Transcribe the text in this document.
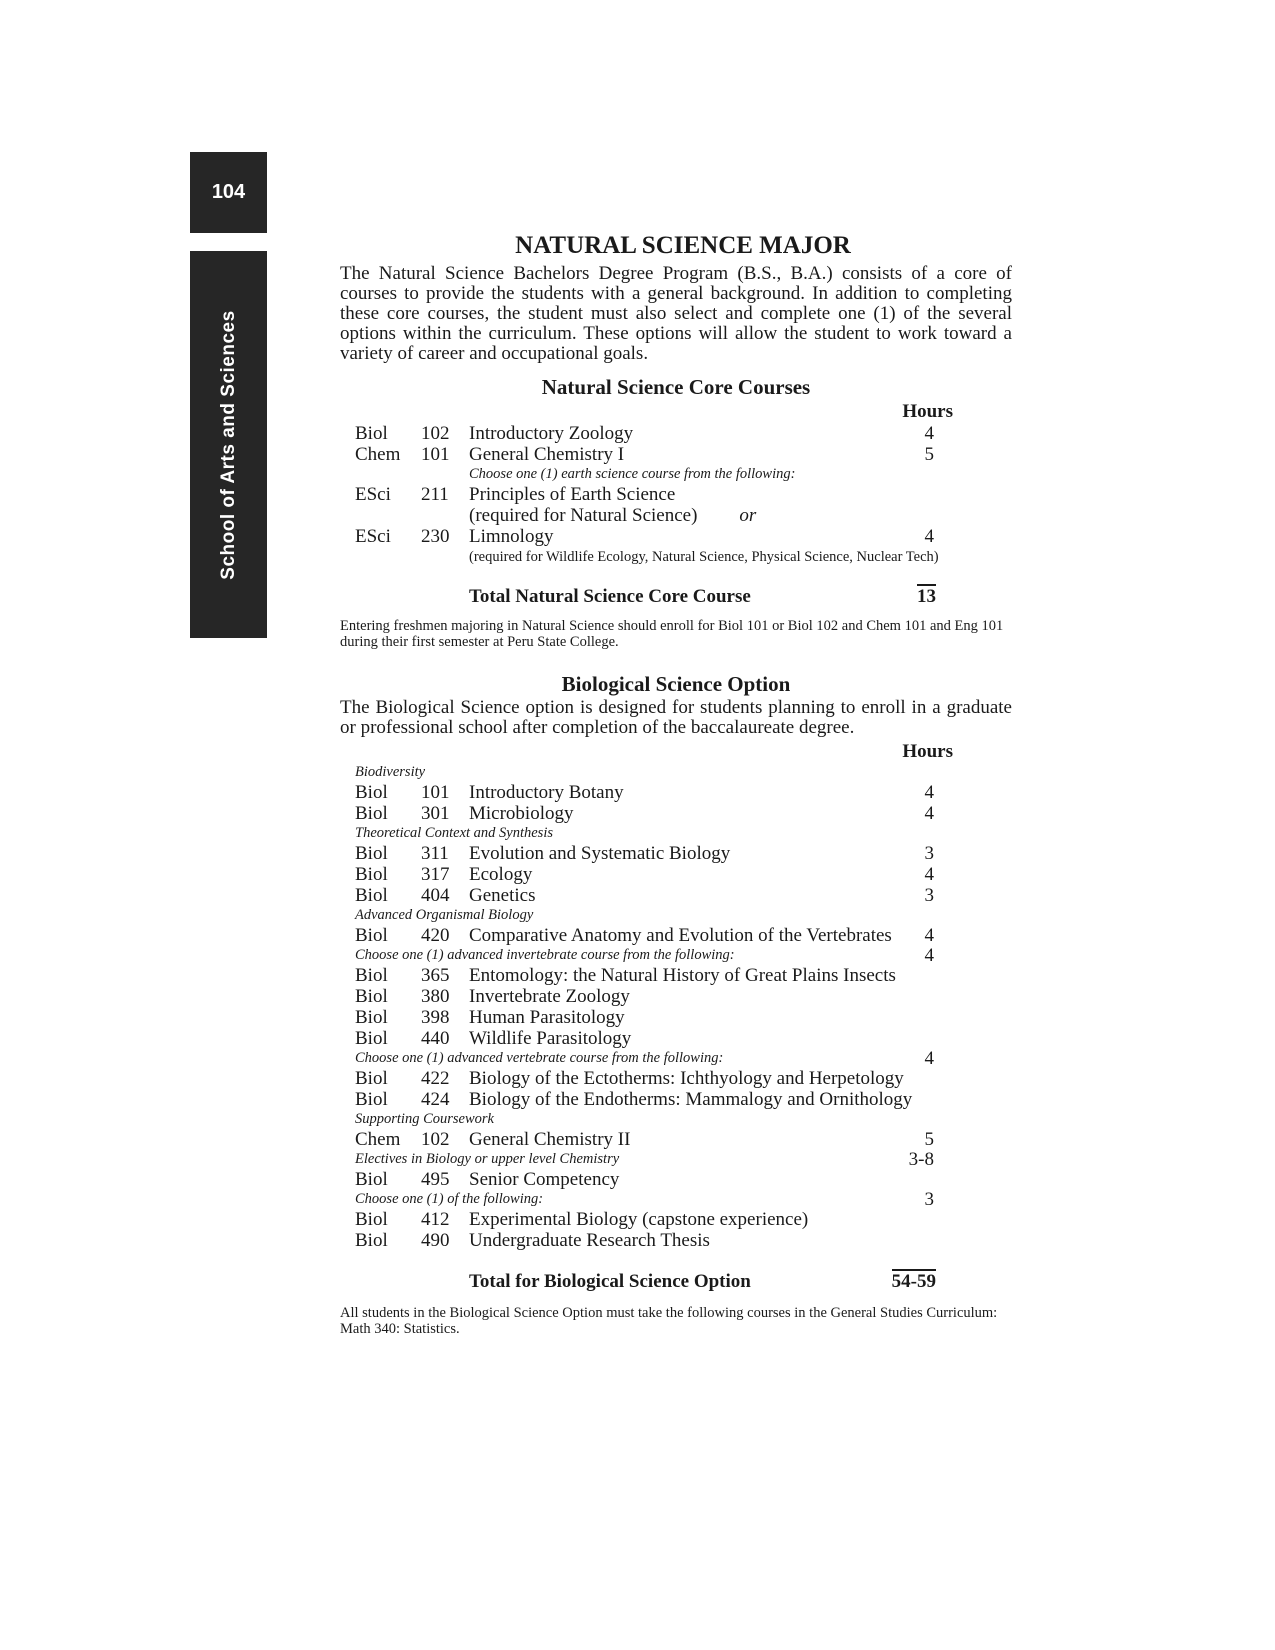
104
School of Arts and Sciences
NATURAL SCIENCE MAJOR

The Natural Science Bachelors Degree Program (B.S., B.A.) consists of a core of courses to provide the students with a general background. In addition to completing these core courses, the student must also select and complete one (1) of the several options within the curriculum. These options will allow the student to work toward a variety of career and occupational goals.

Natural Science Core Courses
Hours
Biol 102 Introductory Zoology	4
Chem 101 General Chemistry I	5
Choose one (1) earth science course from the following:
ESci 211 Principles of Earth Science
(required for Natural Science) or
ESci 230 Limnology	4
(required for Wildlife Ecology, Natural Science, Physical Science, Nuclear Tech)
Total Natural Science Core Course	13

Entering freshmen majoring in Natural Science should enroll for Biol 101 or Biol 102 and Chem 101 and Eng 101 during their first semester at Peru State College.

Biological Science Option

The Biological Science option is designed for students planning to enroll in a graduate or professional school after completion of the baccalaureate degree.

Hours
Biodiversity
Biol 101 Introductory Botany	4
Biol 301 Microbiology	4
Theoretical Context and Synthesis
Biol 311 Evolution and Systematic Biology	3
Biol 317 Ecology	4
Biol 404 Genetics	3
Advanced Organismal Biology
Biol 420 Comparative Anatomy and Evolution of the Vertebrates 4
Choose one (1) advanced invertebrate course from the following:	4
Biol 365 Entomology: the Natural History of Great Plains Insects
Biol 380 Invertebrate Zoology
Biol 398 Human Parasitology
Biol 440 Wildlife Parasitology
Choose one (1) advanced vertebrate course from the following:	4
Biol 422 Biology of the Ectotherms: Ichthyology and Herpetology
Biol 424 Biology of the Endotherms: Mammalogy and Ornithology
Supporting Coursework
Chem 102 General Chemistry II	5
Electives in Biology or upper level Chemistry	3-8
Biol 495 Senior Competency
Choose one (1) of the following:	3
Biol 412 Experimental Biology (capstone experience)
Biol 490 Undergraduate Research Thesis
Total for Biological Science Option	54-59

All students in the Biological Science Option must take the following courses in the General Studies Curriculum: Math 340: Statistics.
